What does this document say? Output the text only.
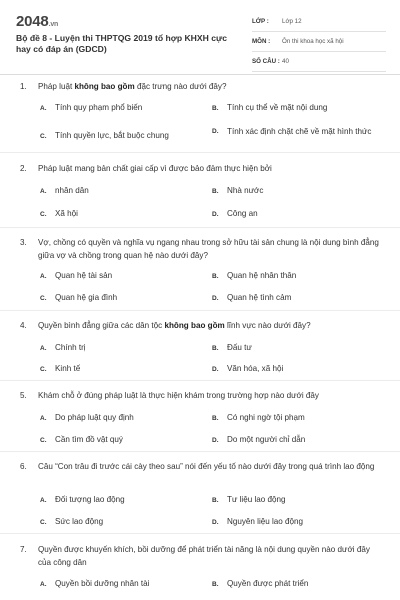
2048.vn
Bộ đề 8 - Luyện thi THPTQG 2019 tổ hợp KHXH cực hay có đáp án (GDCD)
LỚP :	Lớp 12
MÔN :	Ôn thi khoa học xã hội
SỐ CÂU : 40
1.	Pháp luật không bao gồm đặc trưng nào dưới đây?
A.	Tính quy phạm phổ biến	B.	Tính cụ thể về mặt nội dung
C.	Tính quyền lực, bắt buộc chung	D.	Tính xác định chặt chẽ về mặt hình thức
2.	Pháp luật mang bản chất giai cấp vì được bảo đảm thực hiện bởi
A.	nhân dân	B.	Nhà nước
C.	Xã hội	D.	Công an
3.	Vợ, chồng có quyền và nghĩa vụ ngang nhau trong sở hữu tài sản chung là nội dung bình đẳng giữa vợ và chồng trong quan hệ nào dưới đây?
A.	Quan hệ tài sản	B.	Quan hệ nhân thân
C.	Quan hệ gia đình	D.	Quan hệ tình cảm
4.	Quyền bình đẳng giữa các dân tộc không bao gồm lĩnh vực nào dưới đây?
A.	Chính trị	B.	Đấu tư
C.	Kinh tế	D.	Văn hóa, xã hội
5.	Khám chỗ ở đúng pháp luật là thực hiện khám trong trường hợp nào dưới đây
A.	Do pháp luật quy định	B.	Có nghi ngờ tội phạm
C.	Cần tìm đồ vật quý	D.	Do một người chỉ dẫn
6.	Câu “Con trâu đi trước cái cày theo sau” nói đến yếu tố nào dưới đây trong quá trình lao động
A.	Đối tượng lao động	B.	Tư liệu lao động
C.	Sức lao động	D.	Nguyên liệu lao động
7.	Quyền được khuyến khích, bồi dưỡng để phát triển tài năng là nội dung quyền nào dưới đây của công dân
A.	Quyền bồi dưỡng nhân tài	B.	Quyền được phát triển
